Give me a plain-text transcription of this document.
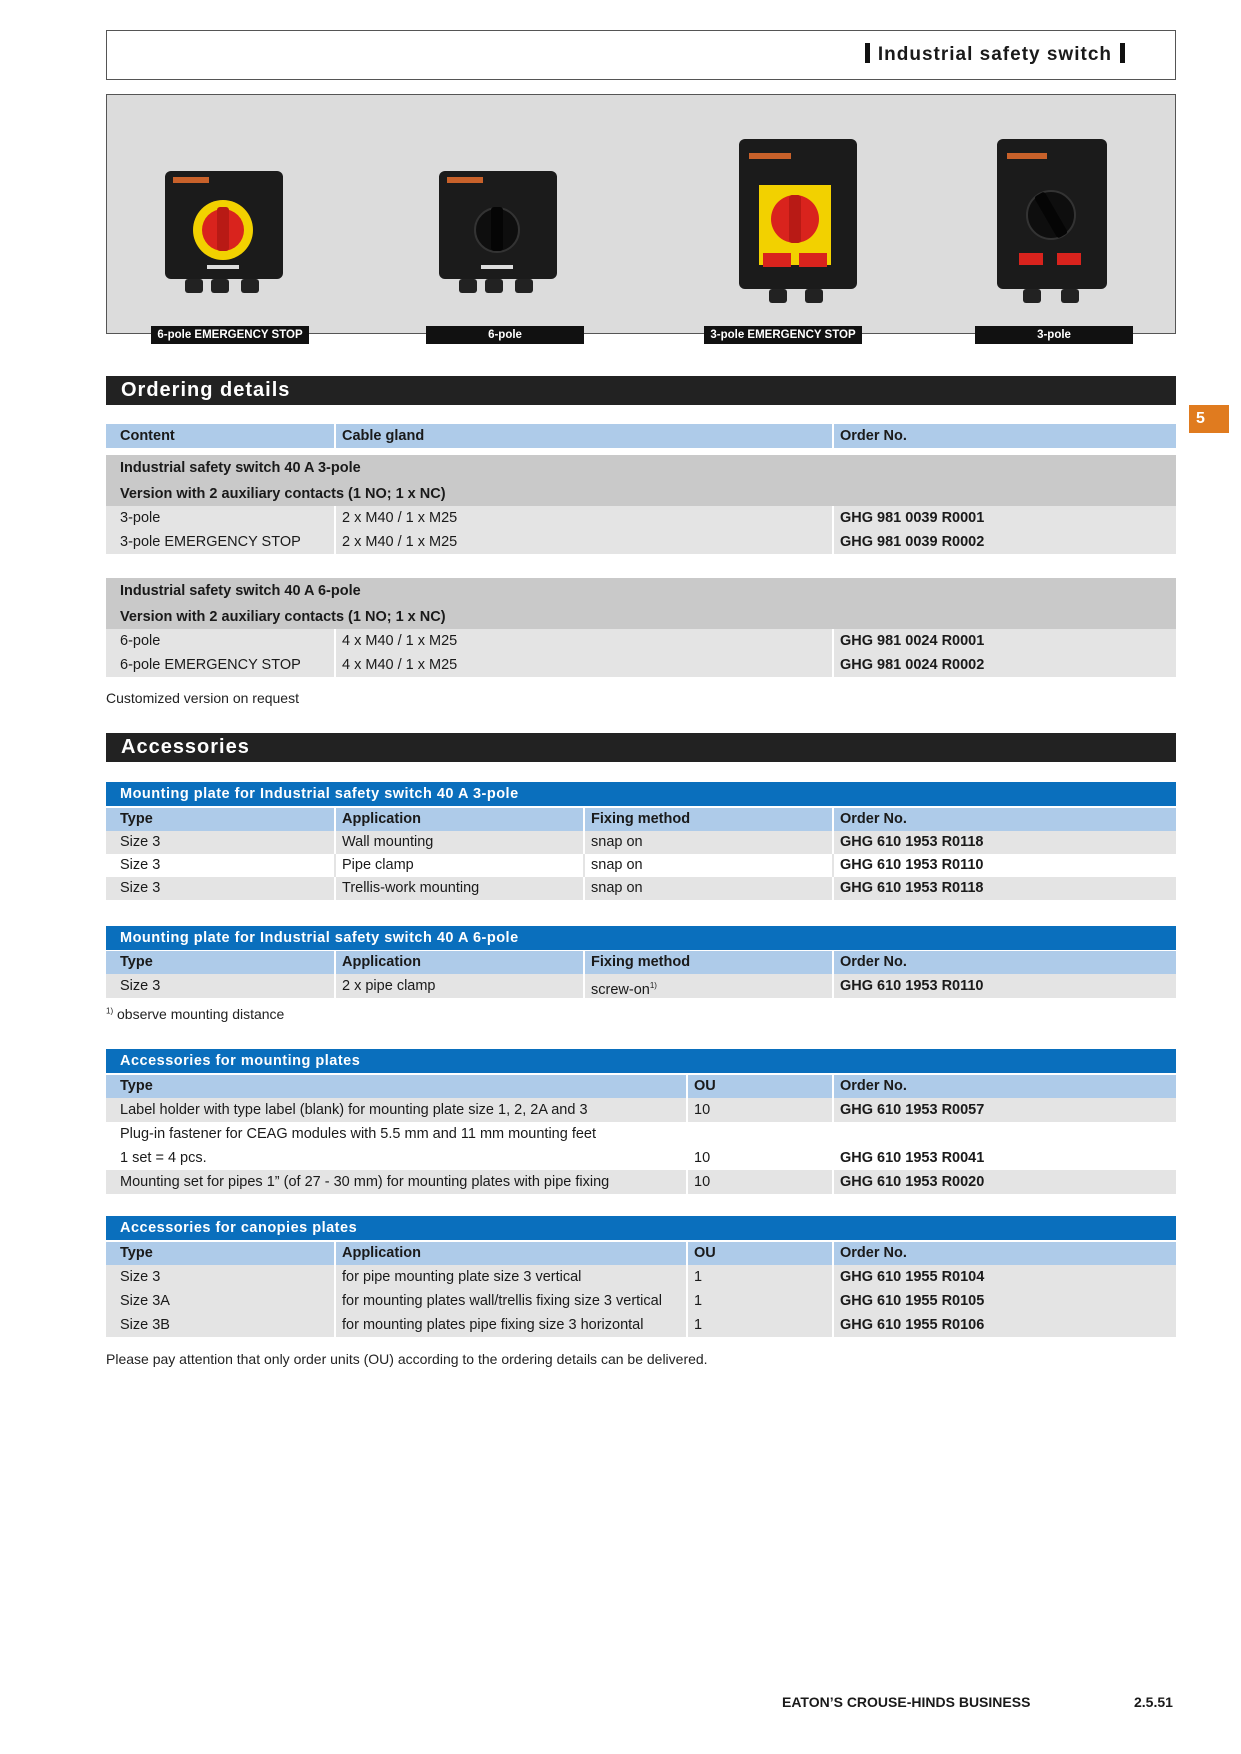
Industrial safety switch
6-pole EMERGENCY STOP	6-pole	3-pole EMERGENCY STOP	3-pole
5
Ordering details
Content	Cable gland	Order No.
Industrial safety switch 40 A 3-pole
Version with 2 auxiliary contacts (1 NO; 1 x NC)
3-pole	2 x M40 / 1 x M25	GHG 981 0039 R0001
3-pole EMERGENCY STOP	2 x M40 / 1 x M25	GHG 981 0039 R0002
Industrial safety switch 40 A 6-pole
Version with 2 auxiliary contacts (1 NO; 1 x NC)
6-pole	4 x M40 / 1 x M25	GHG 981 0024 R0001
6-pole EMERGENCY STOP	4 x M40 / 1 x M25	GHG 981 0024 R0002
Customized version on request
Accessories
Mounting plate for Industrial safety switch 40 A 3-pole
Type	Application	Fixing method	Order No.
Size 3	Wall mounting	snap on	GHG 610 1953 R0118
Size 3	Pipe clamp	snap on	GHG 610 1953 R0110
Size 3	Trellis-work mounting	snap on	GHG 610 1953 R0118
Mounting plate for Industrial safety switch 40 A 6-pole
Type	Application	Fixing method	Order No.
Size 3	2 x pipe clamp	screw-$on^{1)}$	GHG 610 1953 R0110
$^{1)}$ observe mounting distance
Accessories for mounting plates
Type	OU	Order No.
Label holder with type label (blank) for mounting plate size 1, 2, 2A and 3	10	GHG 610 1953 R0057
Plug-in fastener for CEAG modules with 5.5 mm and 11 mm mounting feet
1 set = 4 pcs.	10	GHG 610 1953 R0041
Mounting set for pipes 1” (of 27 - 30 mm) for mounting plates with pipe fixing	10	GHG 610 1953 R0020
Accessories for canopies plates
Type	Application	OU	Order No.
Size 3	for pipe mounting plate size 3 vertical	1	GHG 610 1955 R0104
Size 3A	for mounting plates wall/trellis fixing size 3 vertical	1	GHG 610 1955 R0105
Size 3B	for mounting plates pipe fixing size 3 horizontal	1	GHG 610 1955 R0106
Please pay attention that only order units (OU) according to the ordering details can be delivered.
EATON’S CROUSE-HINDS BUSINESS	2.5.51
